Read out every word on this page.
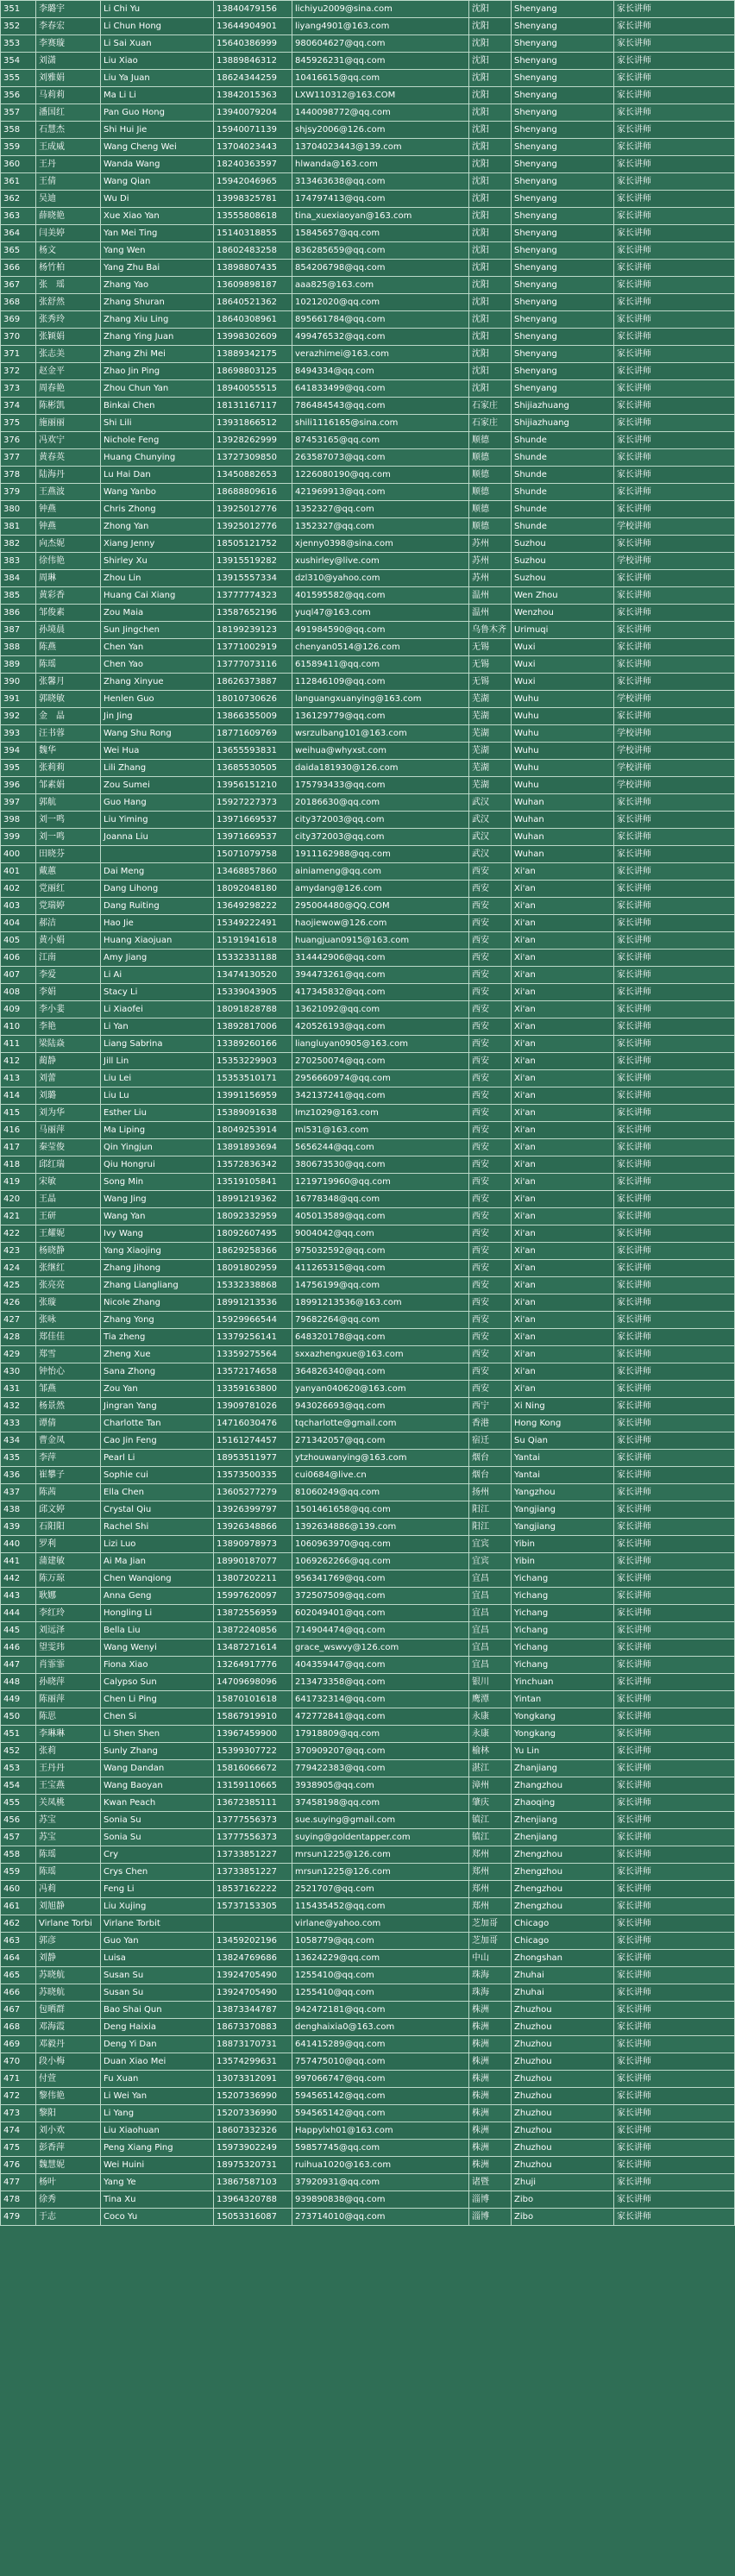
351	李璐宇	Li Chi Yu	13840479156	lichiyu2009@sina.com	沈阳	Shenyang	家长讲师
352	李春宏	Li Chun Hong	13644904901	liyang4901@163.com	沈阳	Shenyang	家长讲师
353	李赛璇	Li Sai Xuan	15640386999	980604627@qq.com	沈阳	Shenyang	家长讲师
354	刘潇	Liu Xiao	13889846312	845926231@qq.com	沈阳	Shenyang	家长讲师
355	刘雅娟	Liu Ya Juan	18624344259	10416615@qq.com	沈阳	Shenyang	家长讲师
356	马莉莉	Ma Li Li	13842015363	LXW110312@163.COM	沈阳	Shenyang	家长讲师
357	潘国红	Pan Guo Hong	13940079204	1440098772@qq.com	沈阳	Shenyang	家长讲师
358	石慧杰	Shi Hui Jie	15940071139	shjsy2006@126.com	沈阳	Shenyang	家长讲师
359	王成威	Wang Cheng Wei	13704023443	13704023443@139.com	沈阳	Shenyang	家长讲师
360	王丹	Wanda Wang	18240363597	hlwanda@163.com	沈阳	Shenyang	家长讲师
361	王倩	Wang Qian	15942046965	313463638@qq.com	沈阳	Shenyang	家长讲师
362	吴迪	Wu Di	13998325781	174797413@qq.com	沈阳	Shenyang	家长讲师
363	薛晓艳	Xue Xiao Yan	13555808618	tina_xuexiaoyan@163.com	沈阳	Shenyang	家长讲师
364	闫美婷	Yan Mei Ting	15140318855	15845657@qq.com	沈阳	Shenyang	家长讲师
365	杨文	Yang Wen	18602483258	836285659@qq.com	沈阳	Shenyang	家长讲师
366	杨竹柏	Yang Zhu Bai	13898807435	854206798@qq.com	沈阳	Shenyang	家长讲师
367	张　瑶	Zhang Yao	13609898187	aaa825@163.com	沈阳	Shenyang	家长讲师
368	张舒然	Zhang Shuran	18640521362	10212020@qq.com	沈阳	Shenyang	家长讲师
369	张秀玲	Zhang Xiu Ling	18640308961	895661784@qq.com	沈阳	Shenyang	家长讲师
370	张颖娟	Zhang Ying Juan	13998302609	499476532@qq.com	沈阳	Shenyang	家长讲师
371	张志美	Zhang Zhi Mei	13889342175	verazhimei@163.com	沈阳	Shenyang	家长讲师
372	赵金平	Zhao Jin Ping	18698803125	8494334@qq.com	沈阳	Shenyang	家长讲师
373	周春艳	Zhou Chun Yan	18940055515	641833499@qq.com	沈阳	Shenyang	家长讲师
374	陈彬凯	Binkai Chen	18131167117	786484543@qq.com	石家庄	Shijiazhuang	家长讲师
375	施丽丽	Shi Lili	13931866512	shili1116165@sina.com	石家庄	Shijiazhuang	家长讲师
376	冯欢宁	Nichole Feng	13928262999	87453165@qq.com	顺德	Shunde	家长讲师
377	黄春英	Huang Chunying	13727309850	263587073@qq.com	顺德	Shunde	家长讲师
378	陆海丹	Lu Hai Dan	13450882653	1226080190@qq.com	顺德	Shunde	家长讲师
379	王燕波	Wang Yanbo	18688809616	421969913@qq.com	顺德	Shunde	家长讲师
380	钟燕	Chris Zhong	13925012776	1352327@qq.com	顺德	Shunde	家长讲师
381	钟燕	Zhong Yan	13925012776	1352327@qq.com	顺德	Shunde	学校讲师
382	向杰妮	Xiang Jenny	18505121752	xjenny0398@sina.com	苏州	Suzhou	家长讲师
383	徐伟艳	Shirley Xu	13915519282	xushirley@live.com	苏州	Suzhou	学校讲师
384	周琳	Zhou Lin	13915557334	dzl310@yahoo.com	苏州	Suzhou	家长讲师
385	黄彩香	Huang Cai Xiang	13777774323	401595582@qq.com	温州	Wen Zhou	家长讲师
386	邹俊素	Zou Maia	13587652196	yuql47@163.com	温州	Wenzhou	家长讲师
387	孙境晨	Sun Jingchen	18199239123	491984590@qq.com	乌鲁木齐	Urimuqi	家长讲师
388	陈燕	Chen Yan	13771002919	chenyan0514@126.com	无锡	Wuxi	家长讲师
389	陈瑶	Chen Yao	13777073116	61589411@qq.com	无锡	Wuxi	家长讲师
390	张馨月	Zhang Xinyue	18626373887	112846109@qq.com	无锡	Wuxi	家长讲师
391	郭晓敏	Henlen Guo	18010730626	languangxuanying@163.com	芜湖	Wuhu	学校讲师
392	金　晶	Jin Jing	13866355009	136129779@qq.com	芜湖	Wuhu	家长讲师
393	汪书蓉	Wang Shu Rong	18771609769	wsrzulbang101@163.com	芜湖	Wuhu	学校讲师
394	魏华	Wei Hua	13655593831	weihua@whyxst.com	芜湖	Wuhu	学校讲师
395	张莉莉	Lili Zhang	13685530505	daida181930@126.com	芜湖	Wuhu	学校讲师
396	邹素娟	Zou Sumei	13956151210	175793433@qq.com	芜湖	Wuhu	学校讲师
397	郭航	Guo Hang	15927227373	20186630@qq.com	武汉	Wuhan	家长讲师
398	刘一鸣	Liu Yiming	13971669537	city372003@qq.com	武汉	Wuhan	家长讲师
399	刘一鸣	Joanna Liu	13971669537	city372003@qq.com	武汉	Wuhan	家长讲师
400	田晓芬		15071079758	1911162988@qq.com	武汉	Wuhan	家长讲师
401	戴蕙	Dai Meng	13468857860	ainiameng@qq.com	西安	Xi'an	家长讲师
402	党丽红	Dang Lihong	18092048180	amydang@126.com	西安	Xi'an	家长讲师
403	党瑞婷	Dang Ruiting	13649298222	295004480@QQ.COM	西安	Xi'an	家长讲师
404	郝洁	Hao Jie	15349222491	haojiewow@126.com	西安	Xi'an	家长讲师
405	黄小娟	Huang Xiaojuan	15191941618	huangjuan0915@163.com	西安	Xi'an	家长讲师
406	江南	Amy Jiang	15332331188	314442906@qq.com	西安	Xi'an	家长讲师
407	李爱	Li Ai	13474130520	394473261@qq.com	西安	Xi'an	家长讲师
408	李娟	Stacy Li	15339043905	417345832@qq.com	西安	Xi'an	家长讲师
409	李小婓	Li Xiaofei	18091828788	13621092@qq.com	西安	Xi'an	家长讲师
410	李艳	Li Yan	13892817006	420526193@qq.com	西安	Xi'an	家长讲师
411	梁陆焱	Liang Sabrina	13389260166	liangluyan0905@163.com	西安	Xi'an	家长讲师
412	蔺静	Jill Lin	15353229903	270250074@qq.com	西安	Xi'an	家长讲师
413	刘蕾	Liu Lei	15353510171	2956660974@qq.com	西安	Xi'an	家长讲师
414	刘璐	Liu Lu	13991156959	342137241@qq.com	西安	Xi'an	家长讲师
415	刘为华	Esther Liu	15389091638	lmz1029@163.com	西安	Xi'an	家长讲师
416	马丽萍	Ma Liping	18049253914	ml531@163.com	西安	Xi'an	家长讲师
417	秦莹俊	Qin Yingjun	13891893694	5656244@qq.com	西安	Xi'an	家长讲师
418	邱红瑞	Qiu Hongrui	13572836342	380673530@qq.com	西安	Xi'an	家长讲师
419	宋敏	Song Min	13519105841	1219719960@qq.com	西安	Xi'an	家长讲师
420	王晶	Wang Jing	18991219362	16778348@qq.com	西安	Xi'an	家长讲师
421	王研	Wang Yan	18092332959	405013589@qq.com	西安	Xi'an	家长讲师
422	王耀妮	Ivy Wang	18092607495	9004042@qq.com	西安	Xi'an	家长讲师
423	杨晓静	Yang Xiaojing	18629258366	975032592@qq.com	西安	Xi'an	家长讲师
424	张继红	Zhang Jihong	18091802959	411265315@qq.com	西安	Xi'an	家长讲师
425	张亮亮	Zhang Liangliang	15332338868	14756199@qq.com	西安	Xi'an	家长讲师
426	张璇	Nicole Zhang	18991213536	18991213536@163.com	西安	Xi'an	家长讲师
427	张咏	Zhang Yong	15929966544	79682264@qq.com	西安	Xi'an	家长讲师
428	郑佳佳	Tia zheng	13379256141	648320178@qq.com	西安	Xi'an	家长讲师
429	郑雪	Zheng Xue	13359275564	sxxazhengxue@163.com	西安	Xi'an	家长讲师
430	钟怡心	Sana Zhong	13572174658	364826340@qq.com	西安	Xi'an	家长讲师
431	邹燕	Zou Yan	13359163800	yanyan040620@163.com	西安	Xi'an	家长讲师
432	杨景然	Jingran Yang	13909781026	943026693@qq.com	西宁	Xi Ning	家长讲师
433	谭倩	Charlotte Tan	14716030476	tqcharlotte@gmail.com	香港	Hong Kong	家长讲师
434	曹金凤	Cao Jin Feng	15161274457	271342057@qq.com	宿迁	Su Qian	家长讲师
435	李萍	Pearl Li	18953511977	ytzhouwanying@163.com	烟台	Yantai	家长讲师
436	崔攀子	Sophie cui	13573500335	cui0684@live.cn	烟台	Yantai	家长讲师
437	陈茜	Ella Chen	13605277279	81060249@qq.com	扬州	Yangzhou	家长讲师
438	邱文婷	Crystal Qiu	13926399797	1501461658@qq.com	阳江	Yangjiang	家长讲师
439	石阳阳	Rachel Shi	13926348866	1392634886@139.com	阳江	Yangjiang	家长讲师
440	罗利	Lizi Luo	13890978973	1060963970@qq.com	宜宾	Yibin	家长讲师
441	蒲建敏	Ai Ma Jian	18990187077	1069262266@qq.com	宜宾	Yibin	家长讲师
442	陈万琼	Chen Wanqiong	13807202211	956341769@qq.com	宜昌	Yichang	家长讲师
443	耿娜	Anna Geng	15997620097	372507509@qq.com	宜昌	Yichang	家长讲师
444	李红玲	Hongling Li	13872556959	602049401@qq.com	宜昌	Yichang	家长讲师
445	刘远泽	Bella Liu	13872240856	714904474@qq.com	宜昌	Yichang	家长讲师
446	望雯玮	Wang Wenyi	13487271614	grace_wswvy@126.com	宜昌	Yichang	家长讲师
447	肖霏霏	Fiona Xiao	13264917776	404359447@qq.com	宜昌	Yichang	家长讲师
448	孙晓萍	Calypso Sun	14709698096	213473358@qq.com	银川	Yinchuan	家长讲师
449	陈丽萍	Chen Li Ping	15870101618	641732314@qq.com	鹰潭	Yintan	家长讲师
450	陈思	Chen Si	15867919910	472772841@qq.com	永康	Yongkang	家长讲师
451	李琳琳	Li Shen Shen	13967459900	17918809@qq.com	永康	Yongkang	家长讲师
452	张莉	Sunly Zhang	15399307722	370909207@qq.com	榆林	Yu Lin	家长讲师
453	王丹丹	Wang Dandan	15816066672	779422383@qq.com	湛江	Zhanjiang	家长讲师
454	王宝燕	Wang Baoyan	13159110665	3938905@qq.com	漳州	Zhangzhou	家长讲师
455	关凤桃	Kwan Peach	13672385111	37458198@qq.com	肇庆	Zhaoqing	家长讲师
456	苏宝	Sonia Su	13777556373	sue.suying@gmail.com	镇江	Zhenjiang	家长讲师
457	苏宝	Sonia Su	13777556373	suying@goldentapper.com	镇江	Zhenjiang	家长讲师
458	陈瑶	Cry	13733851227	mrsun1225@126.com	郑州	Zhengzhou	家长讲师
459	陈瑶	Crys Chen	13733851227	mrsun1225@126.com	郑州	Zhengzhou	家长讲师
460	冯莉	Feng Li	18537162222	2521707@qq.com	郑州	Zhengzhou	家长讲师
461	刘旭静	Liu Xujing	15737153305	115435452@qq.com	郑州	Zhengzhou	家长讲师
462	Virlane Torbi	Virlane Torbit		virlane@yahoo.com	芝加哥	Chicago	家长讲师
463	郭彦	Guo Yan	13459202196	1058779@qq.com	芝加哥	Chicago	家长讲师
464	刘静	Luisa	13824769686	13624229@qq.com	中山	Zhongshan	家长讲师
465	苏晓航	Susan Su	13924705490	1255410@qq.com	珠海	Zhuhai	家长讲师
466	苏晓航	Susan Su	13924705490	1255410@qq.com	珠海	Zhuhai	家长讲师
467	包晒群	Bao Shai Qun	13873344787	942472181@qq.com	株洲	Zhuzhou	家长讲师
468	邓海霞	Deng Haixia	18673370883	denghaixia0@163.com	株洲	Zhuzhou	家长讲师
469	邓毅丹	Deng Yi Dan	18873170731	641415289@qq.com	株洲	Zhuzhou	家长讲师
470	段小梅	Duan Xiao Mei	13574299631	757475010@qq.com	株洲	Zhuzhou	家长讲师
471	付萱	Fu Xuan	13073312091	997066747@qq.com	株洲	Zhuzhou	家长讲师
472	黎伟艳	Li Wei Yan	15207336990	594565142@qq.com	株洲	Zhuzhou	家长讲师
473	黎阳	Li Yang	15207336990	594565142@qq.com	株洲	Zhuzhou	家长讲师
474	刘小欢	Liu Xiaohuan	18607332326	Happylxh01@163.com	株洲	Zhuzhou	家长讲师
475	彭香萍	Peng Xiang Ping	15973902249	59857745@qq.com	株洲	Zhuzhou	家长讲师
476	魏慧妮	Wei Huini	18975320731	ruihua1020@163.com	株洲	Zhuzhou	家长讲师
477	杨叶	Yang Ye	13867587103	37920931@qq.com	诸暨	Zhuji	家长讲师
478	徐秀	Tina Xu	13964320788	939890838@qq.com	淄博	Zibo	家长讲师
479	于志	Coco Yu	15053316087	273714010@qq.com	淄博	Zibo	家长讲师
